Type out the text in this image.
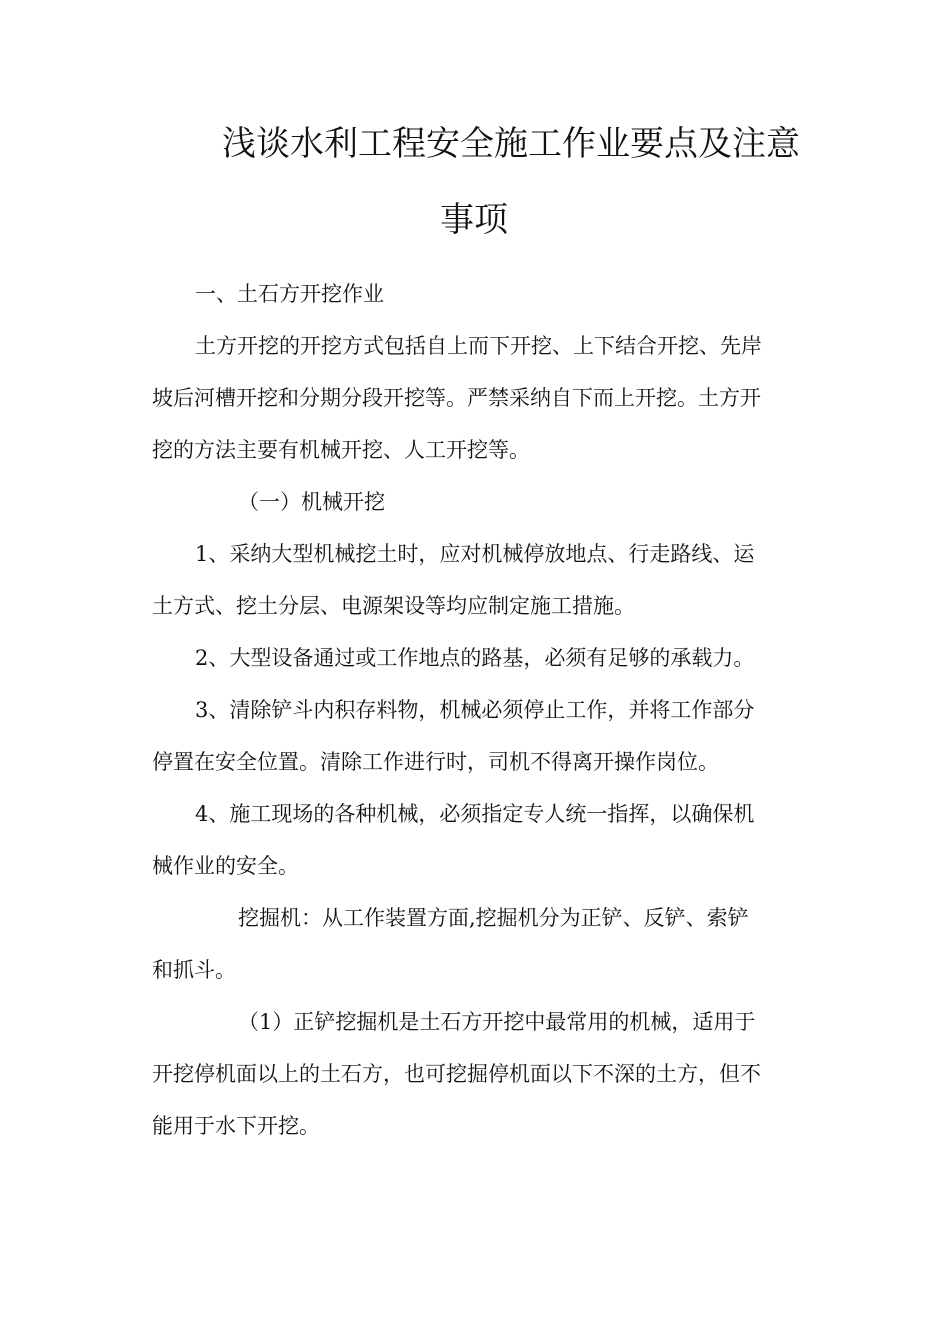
浅谈水利工程安全施工作业要点及注意
事项
一、土石方开挖作业
土方开挖的开挖方式包括自上而下开挖、上下结合开挖、先岸
坡后河槽开挖和分期分段开挖等。严禁采纳自下而上开挖。土方开
挖的方法主要有机械开挖、人工开挖等。
（一）机械开挖
1、采纳大型机械挖土时，应对机械停放地点、行走路线、运
土方式、挖土分层、电源架设等均应制定施工措施。
2、大型设备通过或工作地点的路基，必须有足够的承载力。
3、清除铲斗内积存料物，机械必须停止工作，并将工作部分
停置在安全位置。清除工作进行时，司机不得离开操作岗位。
4、施工现场的各种机械，必须指定专人统一指挥，以确保机
械作业的安全。
挖掘机：从工作装置方面,挖掘机分为正铲、反铲、索铲
和抓斗。
（1）正铲挖掘机是土石方开挖中最常用的机械，适用于
开挖停机面以上的土石方，也可挖掘停机面以下不深的土方，但不
能用于水下开挖。
